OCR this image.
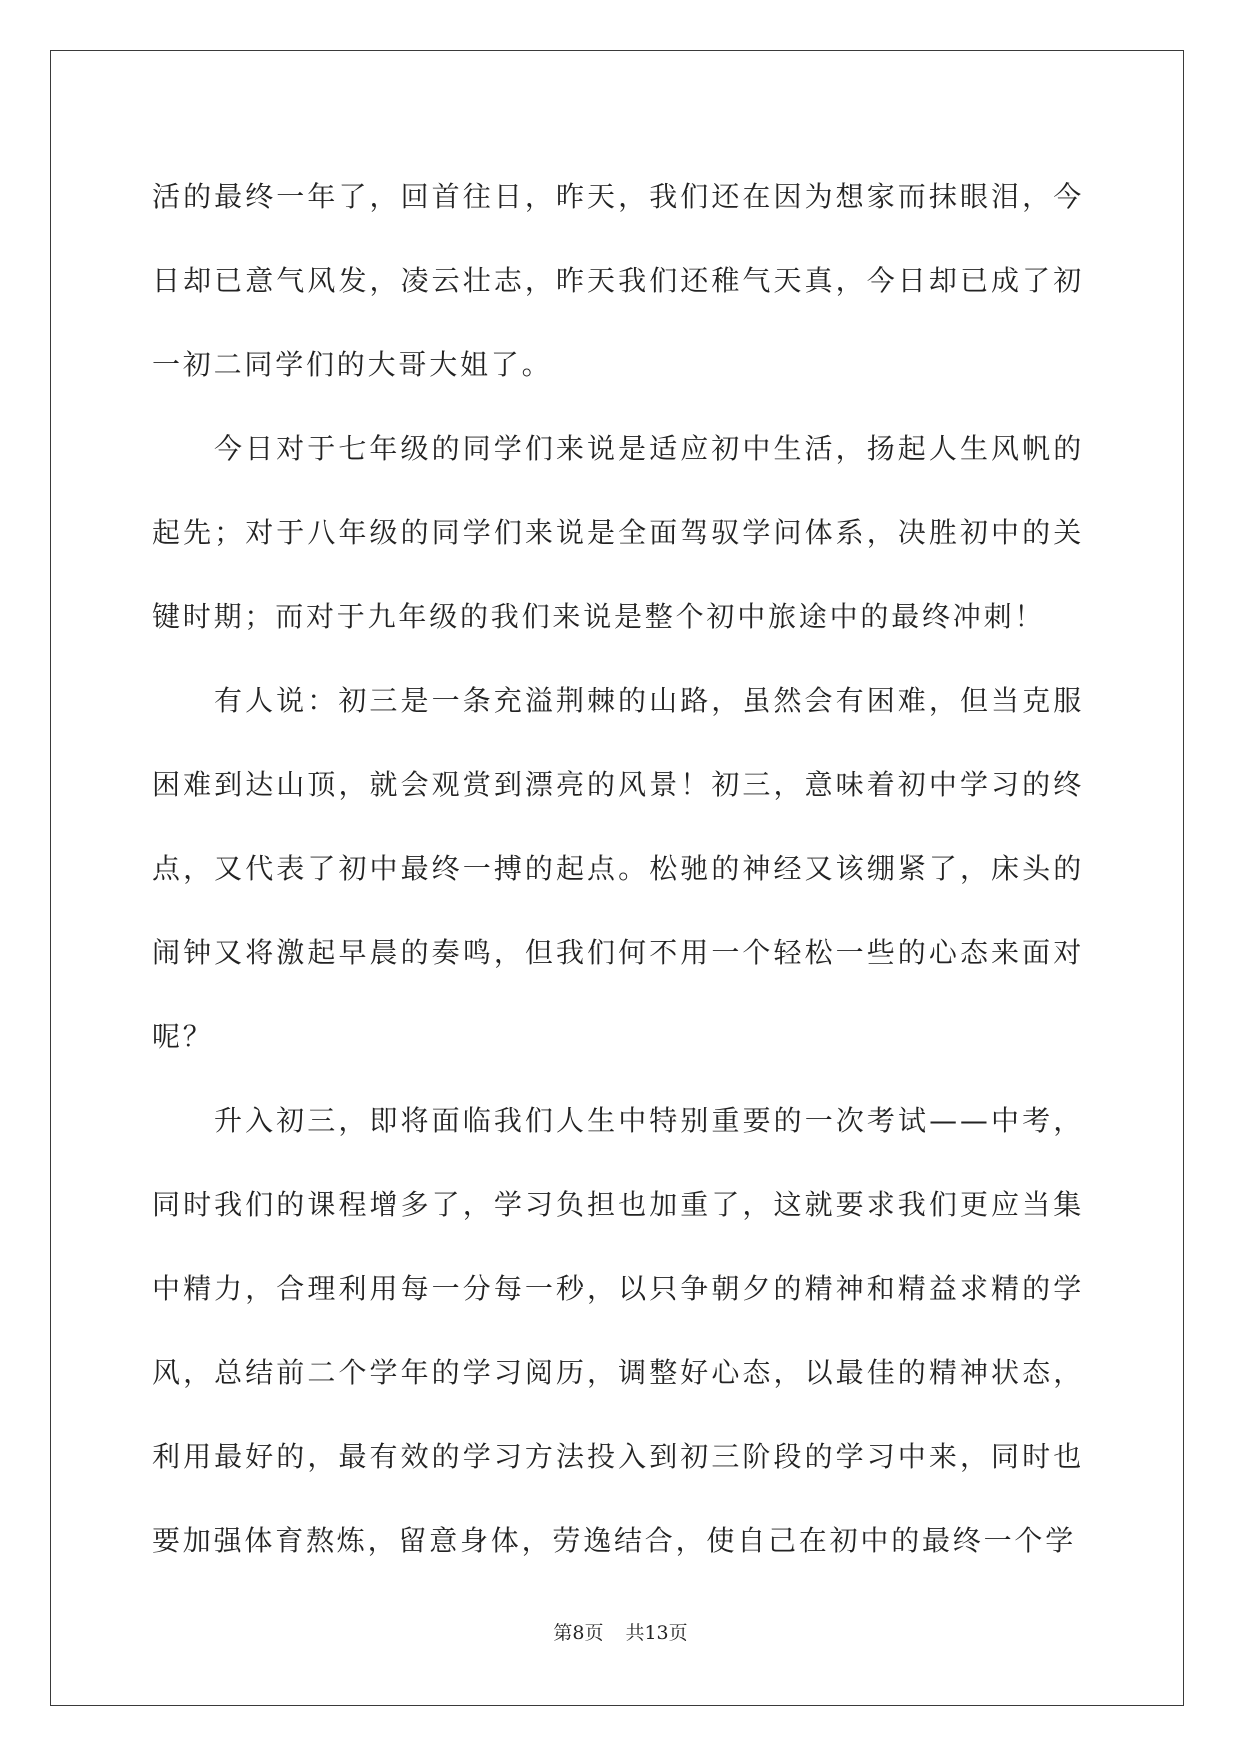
活的最终一年了，回首往日，昨天，我们还在因为想家而抹眼泪，今日却已意气风发，凌云壮志，昨天我们还稚气天真，今日却已成了初一初二同学们的大哥大姐了。

今日对于七年级的同学们来说是适应初中生活，扬起人生风帆的起先；对于八年级的同学们来说是全面驾驭学问体系，决胜初中的关键时期；而对于九年级的我们来说是整个初中旅途中的最终冲刺！

有人说：初三是一条充溢荆棘的山路，虽然会有困难，但当克服困难到达山顶，就会观赏到漂亮的风景！初三，意味着初中学习的终点，又代表了初中最终一搏的起点。松驰的神经又该绷紧了，床头的闹钟又将激起早晨的奏鸣，但我们何不用一个轻松一些的心态来面对呢？

升入初三，即将面临我们人生中特别重要的一次考试——中考，同时我们的课程增多了，学习负担也加重了，这就要求我们更应当集中精力，合理利用每一分每一秒，以只争朝夕的精神和精益求精的学风，总结前二个学年的学习阅历，调整好心态，以最佳的精神状态，利用最好的，最有效的学习方法投入到初三阶段的学习中来，同时也要加强体育熬炼，留意身体，劳逸结合，使自己在初中的最终一个学

第8页 共13页
